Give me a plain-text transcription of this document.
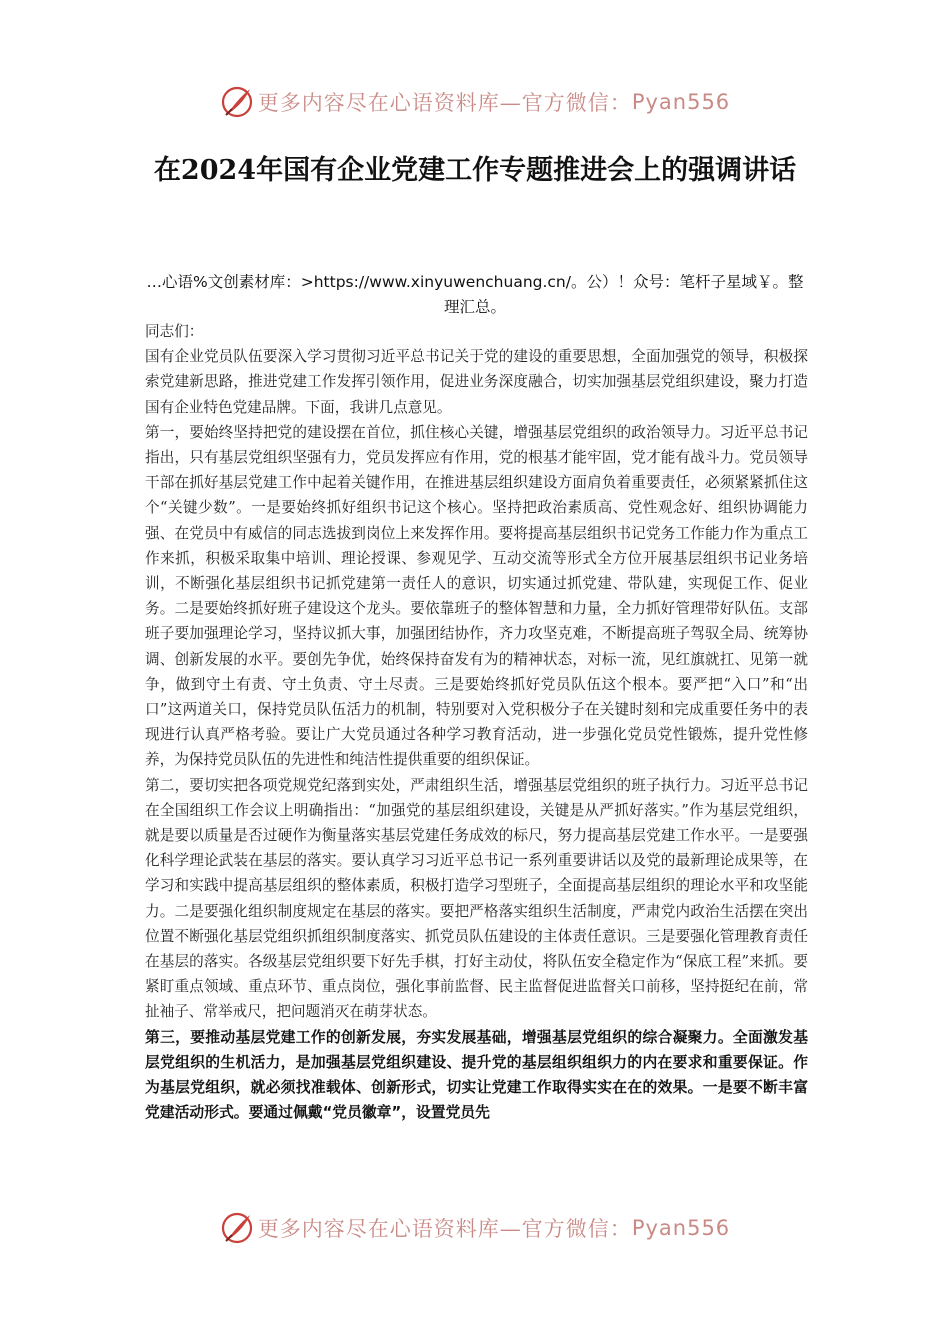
更多内容尽在心语资料库—官方微信： Pyan556
在2024年国有企业党建工作专题推进会上的强调讲话
…心语%文创素材库：>https://www.xinyuwenchuang.cn/。公）！众号：笔杆子星域￥。整理汇总。

同志们：

国有企业党员队伍要深入学习贯彻习近平总书记关于党的建设的重要思想，全面加强党的领导，积极探索党建新思路，推进党建工作发挥引领作用，促进业务深度融合，切实加强基层党组织建设，聚力打造国有企业特色党建品牌。下面，我讲几点意见。

第一，要始终坚持把党的建设摆在首位，抓住核心关键，增强基层党组织的政治领导力。习近平总书记指出，只有基层党组织坚强有力，党员发挥应有作用，党的根基才能牢固，党才能有战斗力。党员领导干部在抓好基层党建工作中起着关键作用，在推进基层组织建设方面肩负着重要责任，必须紧紧抓住这个“关键少数”。一是要始终抓好组织书记这个核心。坚持把政治素质高、党性观念好、组织协调能力强、在党员中有威信的同志选拔到岗位上来发挥作用。要将提高基层组织书记党务工作能力作为重点工作来抓，积极采取集中培训、理论授课、参观见学、互动交流等形式全方位开展基层组织书记业务培训，不断强化基层组织书记抓党建第一责任人的意识，切实通过抓党建、带队建，实现促工作、促业务。二是要始终抓好班子建设这个龙头。要依靠班子的整体智慧和力量，全力抓好管理带好队伍。支部班子要加强理论学习，坚持议抓大事，加强团结协作，齐力攻坚克难，不断提高班子驾驭全局、统筹协调、创新发展的水平。要创先争优，始终保持奋发有为的精神状态，对标一流，见红旗就扛、见第一就争，做到守土有责、守土负责、守土尽责。三是要始终抓好党员队伍这个根本。要严把“入口”和“出口”这两道关口，保持党员队伍活力的机制，特别要对入党积极分子在关键时刻和完成重要任务中的表现进行认真严格考验。要让广大党员通过各种学习教育活动，进一步强化党员党性锻炼，提升党性修养，为保持党员队伍的先进性和纯洁性提供重要的组织保证。

第二，要切实把各项党规党纪落到实处，严肃组织生活，增强基层党组织的班子执行力。习近平总书记在全国组织工作会议上明确指出：“加强党的基层组织建设，关键是从严抓好落实。”作为基层党组织，就是要以质量是否过硬作为衡量落实基层党建任务成效的标尺，努力提高基层党建工作水平。一是要强化科学理论武装在基层的落实。要认真学习习近平总书记一系列重要讲话以及党的最新理论成果等，在学习和实践中提高基层组织的整体素质，积极打造学习型班子，全面提高基层组织的理论水平和攻坚能力。二是要强化组织制度规定在基层的落实。要把严格落实组织生活制度，严肃党内政治生活摆在突出位置不断强化基层党组织抓组织制度落实、抓党员队伍建设的主体责任意识。三是要强化管理教育责任在基层的落实。各级基层党组织要下好先手棋，打好主动仗，将队伍安全稳定作为“保底工程”来抓。要紧盯重点领域、重点环节、重点岗位，强化事前监督、民主监督促进监督关口前移，坚持挺纪在前，常扯袖子、常举戒尺，把问题消灭在萌芽状态。

第三，要推动基层党建工作的创新发展，夯实发展基础，增强基层党组织的综合凝聚力。全面激发基层党组织的生机活力，是加强基层党组织建设、提升党的基层组织组织力的内在要求和重要保证。作为基层党组织，就必须找准载体、创新形式，切实让党建工作取得实实在在的效果。一是要不断丰富党建活动形式。要通过佩戴“党员徽章”，设置党员先

更多内容尽在心语资料库—官方微信： Pyan556
